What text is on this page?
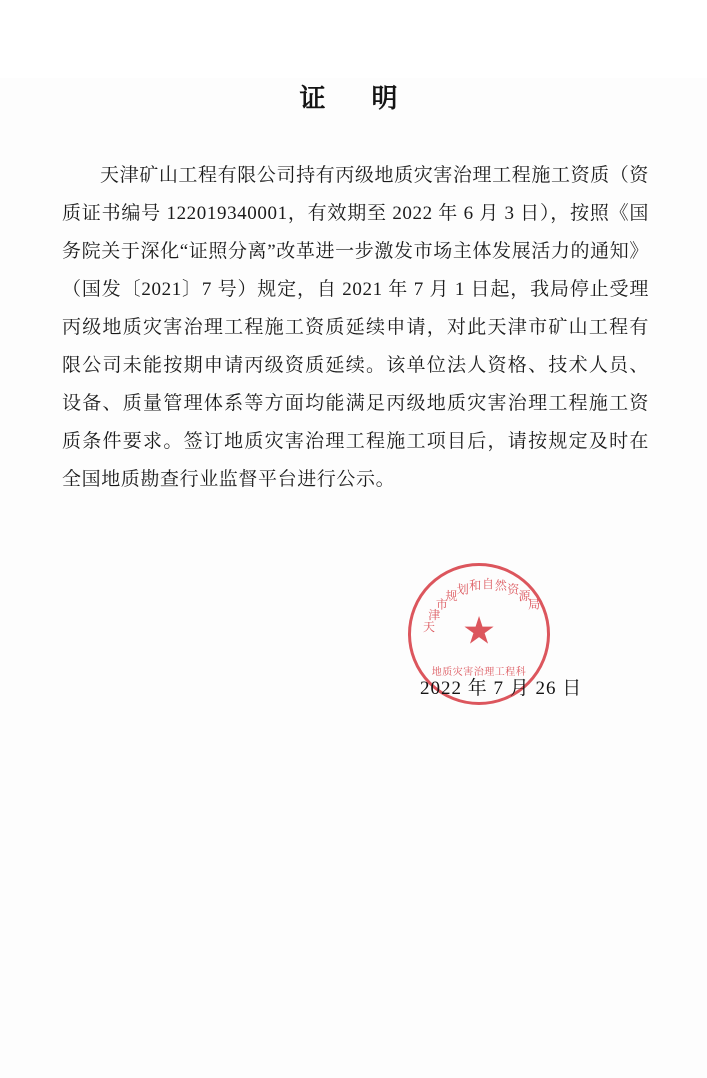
证　明

天津矿山工程有限公司持有丙级地质灾害治理工程施工资质（资质证书编号 122019340001，有效期至 2022 年 6 月 3 日），按照《国务院关于深化“证照分离”改革进一步激发市场主体发展活力的通知》（国发〔2021〕7 号）规定，自 2021 年 7 月 1 日起，我局停止受理丙级地质灾害治理工程施工资质延续申请，对此天津市矿山工程有限公司未能按期申请丙级资质延续。该单位法人资格、技术人员、设备、质量管理体系等方面均能满足丙级地质灾害治理工程施工资质条件要求。签订地质灾害治理工程施工项目后，请按规定及时在全国地质勘查行业监督平台进行公示。

天
津
市
规
划 和 自 然 资
源
局
★
地质灾害治理工程科
2022 年 7 月 26 日
